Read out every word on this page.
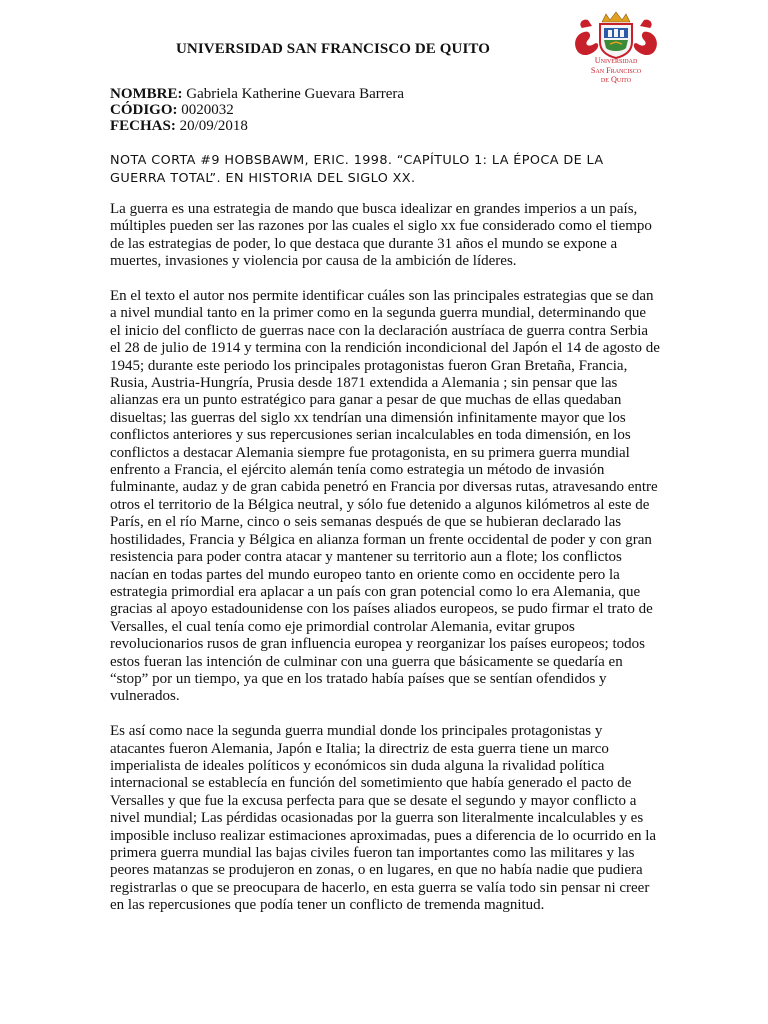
UNIVERSIDAD SAN FRANCISCO DE QUITO
Universidad
San Francisco
de Quito
NOMBRE: Gabriela Katherine Guevara Barrera
CÓDIGO: 0020032
FECHAS: 20/09/2018
NOTA CORTA #9 HOBSBAWM, ERIC. 1998. “CAPÍTULO 1: LA ÉPOCA DE LA GUERRA TOTAL”. EN HISTORIA DEL SIGLO XX.

La guerra es una estrategia de mando que busca idealizar en grandes imperios a un país, múltiples pueden ser las razones por las cuales el siglo xx fue considerado como el tiempo de las estrategias de poder, lo que destaca que durante 31 años el mundo se expone a muertes, invasiones y violencia por causa de la ambición de líderes.

En el texto el autor nos permite identificar cuáles son las principales estrategias que se dan a nivel mundial tanto en la primer como en la segunda guerra mundial, determinando que el inicio del conflicto de guerras nace con la declaración austríaca de guerra contra Serbia el 28 de julio de 1914 y termina con la rendición incondicional del Japón el 14 de agosto de 1945; durante este periodo los principales protagonistas fueron Gran Bretaña, Francia, Rusia, Austria-Hungría, Prusia desde 1871 extendida a Alemania ; sin pensar que las alianzas era un punto estratégico para ganar a pesar de que muchas de ellas quedaban disueltas; las guerras del siglo xx tendrían una dimensión infinitamente mayor que los conflictos anteriores y sus repercusiones serian incalculables en toda dimensión, en los conflictos a destacar Alemania siempre fue protagonista, en su primera guerra mundial enfrento a Francia, el ejército alemán tenía como estrategia un método de invasión fulminante, audaz y de gran cabida penetró en Francia por diversas rutas, atravesando entre otros el territorio de la Bélgica neutral, y sólo fue detenido a algunos kilómetros al este de París, en el río Marne, cinco o seis semanas después de que se hubieran declarado las hostilidades, Francia y Bélgica en alianza forman un frente occidental de poder y con gran resistencia para poder contra atacar y mantener su territorio aun a flote; los conflictos nacían en todas partes del mundo europeo tanto en oriente como en occidente pero la estrategia primordial era aplacar a un país con gran potencial como lo era Alemania, que gracias al apoyo estadounidense con los países aliados europeos, se pudo firmar el trato de Versalles, el cual tenía como eje primordial controlar Alemania, evitar grupos revolucionarios rusos de gran influencia europea y reorganizar los países europeos; todos estos fueran las intención de culminar con una guerra que básicamente se quedaría en “stop” por un tiempo, ya que en los tratado había países que se sentían ofendidos y vulnerados.

Es así como nace la segunda guerra mundial donde los principales protagonistas y atacantes fueron Alemania, Japón e Italia; la directriz de esta guerra tiene un marco imperialista de ideales políticos y económicos sin duda alguna la rivalidad política internacional se establecía en función del sometimiento que había generado el pacto de Versalles y que fue la excusa perfecta para que se desate el segundo y mayor conflicto a nivel mundial; Las pérdidas ocasionadas por la guerra son literalmente incalculables y es imposible incluso realizar estimaciones aproximadas, pues a diferencia de lo ocurrido en la primera guerra mundial las bajas civiles fueron tan importantes como las militares y las peores matanzas se produjeron en zonas, o en lugares, en que no había nadie que pudiera registrarlas o que se preocupara de hacerlo, en esta guerra se valía todo sin pensar ni creer en las repercusiones que podía tener un conflicto de tremenda magnitud.
